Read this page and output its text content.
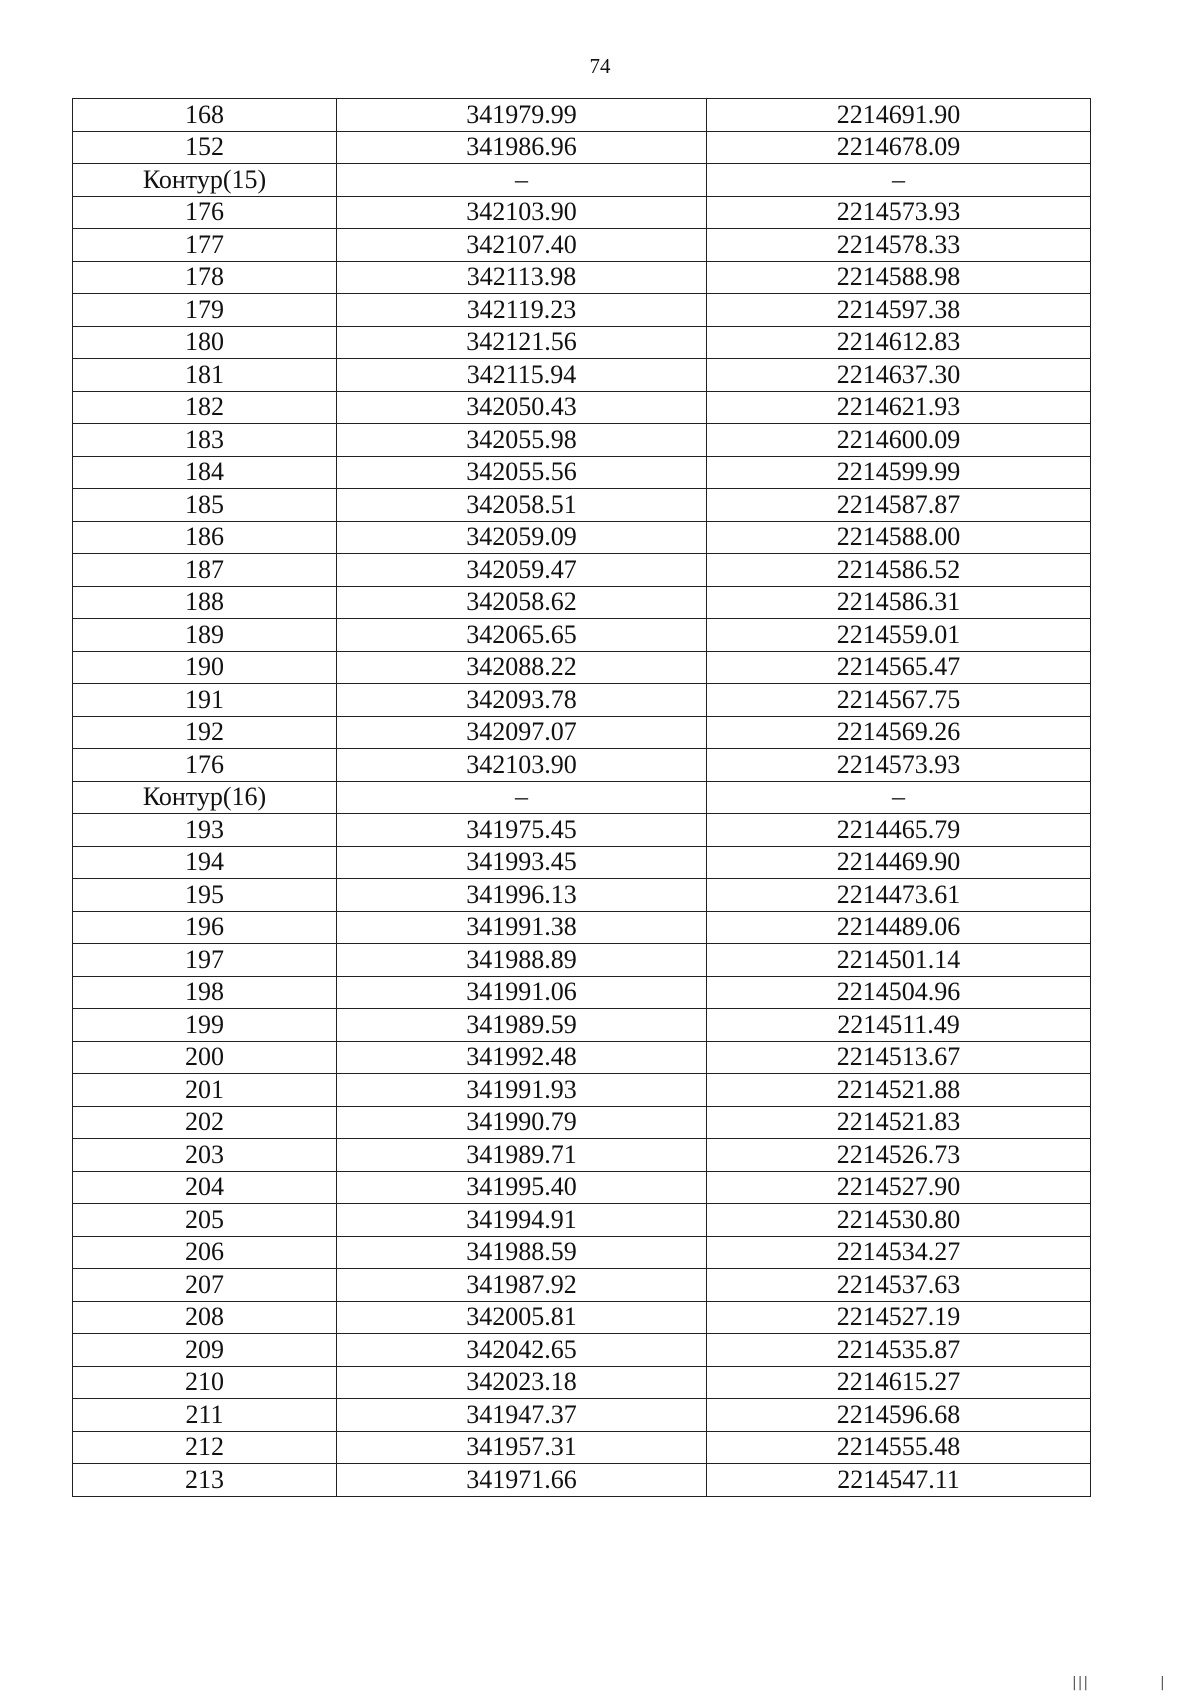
74
168	341979.99	2214691.90
152	341986.96	2214678.09
Контур(15)	–	–
176	342103.90	2214573.93
177	342107.40	2214578.33
178	342113.98	2214588.98
179	342119.23	2214597.38
180	342121.56	2214612.83
181	342115.94	2214637.30
182	342050.43	2214621.93
183	342055.98	2214600.09
184	342055.56	2214599.99
185	342058.51	2214587.87
186	342059.09	2214588.00
187	342059.47	2214586.52
188	342058.62	2214586.31
189	342065.65	2214559.01
190	342088.22	2214565.47
191	342093.78	2214567.75
192	342097.07	2214569.26
176	342103.90	2214573.93
Контур(16)	–	–
193	341975.45	2214465.79
194	341993.45	2214469.90
195	341996.13	2214473.61
196	341991.38	2214489.06
197	341988.89	2214501.14
198	341991.06	2214504.96
199	341989.59	2214511.49
200	341992.48	2214513.67
201	341991.93	2214521.88
202	341990.79	2214521.83
203	341989.71	2214526.73
204	341995.40	2214527.90
205	341994.91	2214530.80
206	341988.59	2214534.27
207	341987.92	2214537.63
208	342005.81	2214527.19
209	342042.65	2214535.87
210	342023.18	2214615.27
211	341947.37	2214596.68
212	341957.31	2214555.48
213	341971.66	2214547.11
|||             |
